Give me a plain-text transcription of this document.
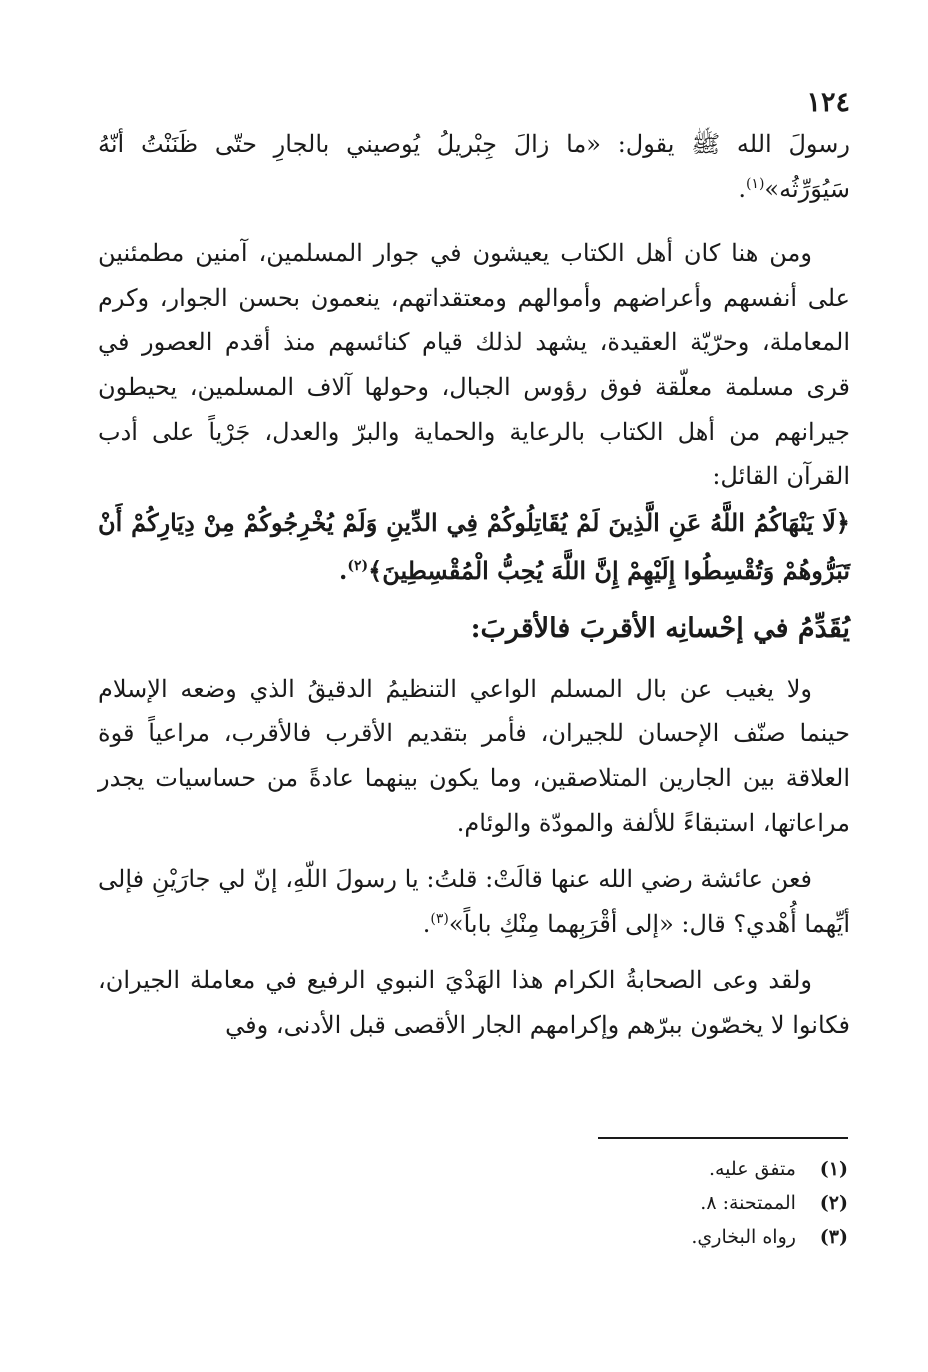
١٢٤

رسولَ الله ﷺ يقول: «ما زالَ جِبْريلُ يُوصيني بالجارِ حتّى ظَنَنْتُ أنّهُ سَيُوَرِّثُه»$^{(١)}$.

ومن هنا كان أهل الكتاب يعيشون في جوار المسلمين، آمنين مطمئنين على أنفسهم وأعراضهم وأموالهم ومعتقداتهم، ينعمون بحسن الجوار، وكرم المعاملة، وحرّيّة العقيدة، يشهد لذلك قيام كنائسهم منذ أقدم العصور في قرى مسلمة معلّقة فوق رؤوس الجبال، وحولها آلاف المسلمين، يحيطون جيرانهم من أهل الكتاب بالرعاية والحماية والبرّ والعدل، جَرْياً على أدب القرآن القائل:

﴿لَا يَنْهَاكُمُ اللَّهُ عَنِ الَّذِينَ لَمْ يُقَاتِلُوكُمْ فِي الدِّينِ وَلَمْ يُخْرِجُوكُمْ مِنْ دِيَارِكُمْ أَنْ تَبَرُّوهُمْ وَتُقْسِطُوا إِلَيْهِمْ إِنَّ اللَّهَ يُحِبُّ الْمُقْسِطِينَ﴾$^{(٢)}$.

يُقَدِّمُ في إحْسانِه الأقربَ فالأقربَ:

ولا يغيب عن بال المسلم الواعي التنظيمُ الدقيقُ الذي وضعه الإسلام حينما صنّف الإحسان للجيران، فأمر بتقديم الأقرب فالأقرب، مراعياً قوة العلاقة بين الجارين المتلاصقين، وما يكون بينهما عادةً من حساسيات يجدر مراعاتها، استبقاءً للألفة والمودّة والوئام.

فعن عائشة رضي الله عنها قالَتْ: قلتُ: يا رسولَ اللّهِ، إنّ لي جارَيْنِ فإلى أيِّهما أُهْدي؟ قال: «إلى أقْرَبِهما مِنْكِ باباً»$^{(٣)}$.

ولقد وعى الصحابةُ الكرام هذا الهَدْيَ النبوي الرفيع في معاملة الجيران، فكانوا لا يخصّون ببرّهم وإكرامهم الجار الأقصى قبل الأدنى، وفي

(١) متفق عليه.
(٢) الممتحنة: ٨.
(٣) رواه البخاري.
